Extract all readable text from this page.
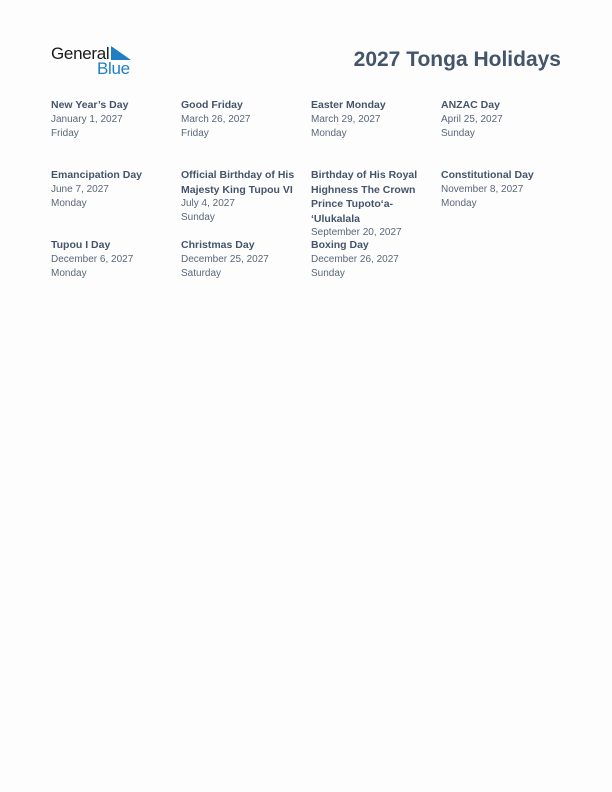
General
Blue	2027 Tonga Holidays
New Year’s Day
January 1, 2027
Friday
Good Friday
March 26, 2027
Friday
Easter Monday
March 29, 2027
Monday
ANZAC Day
April 25, 2027
Sunday
Emancipation Day
June 7, 2027
Monday
Official Birthday of His Majesty King Tupou VI
July 4, 2027
Sunday
Birthday of His Royal Highness The Crown Prince Tupotoʻa-ʻUlukalala
September 20, 2027
Constitutional Day
November 8, 2027
Monday
Tupou I Day
December 6, 2027
Monday
Christmas Day
December 25, 2027
Saturday
Boxing Day
December 26, 2027
Sunday
